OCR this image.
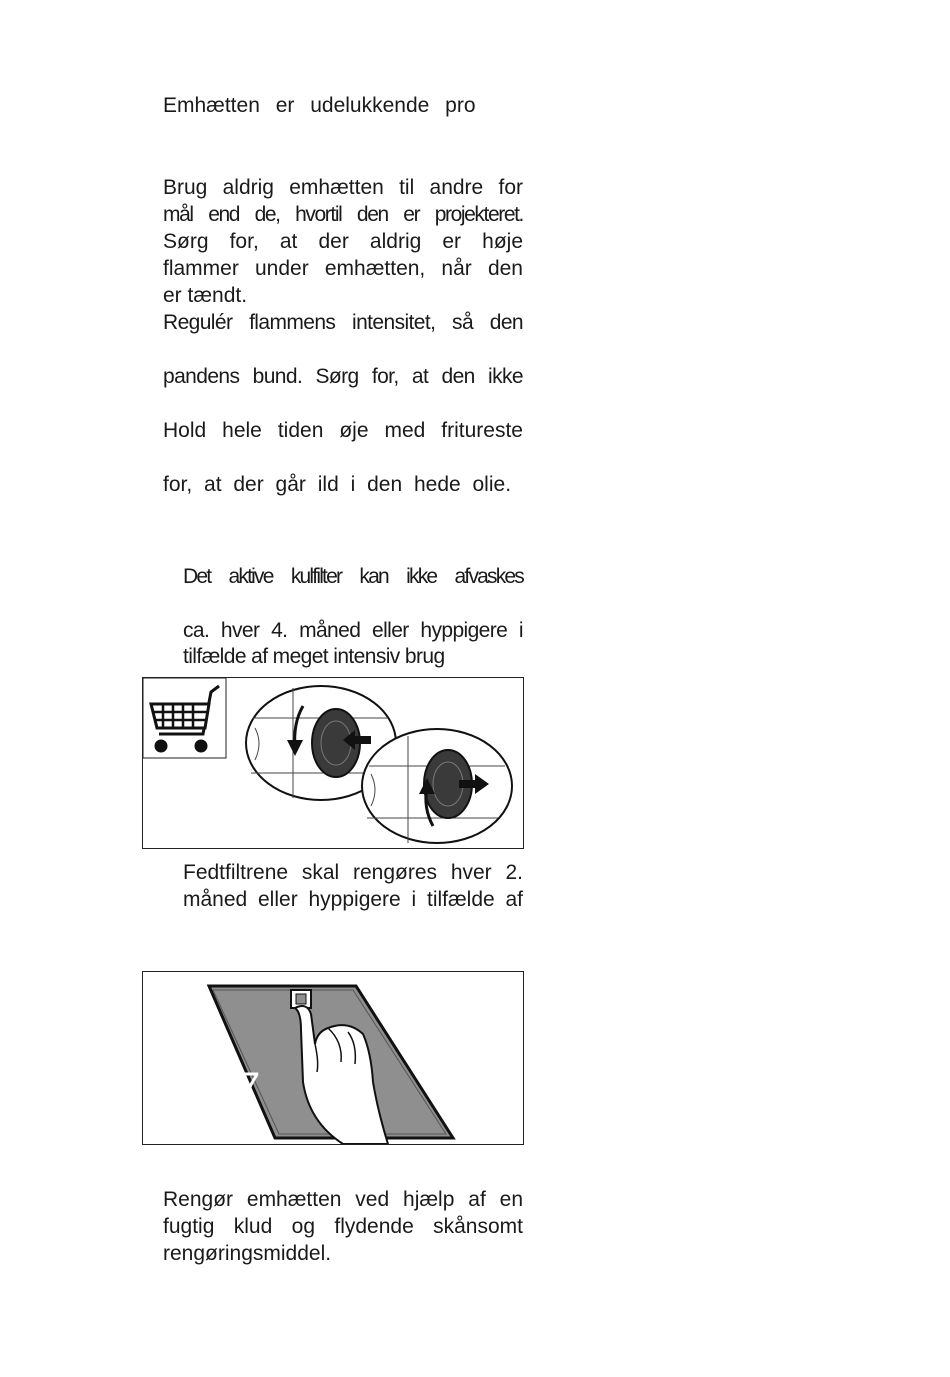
Emhætten er udelukkende pro
Brug aldrig emhætten til andre for
mål end de, hvortil den er projekteret.
Sørg for, at der aldrig er høje
flammer under emhætten, når den
er tændt.
Regulér flammens intensitet, så den
pandens bund. Sørg for, at den ikke
Hold hele tiden øje med fritureste
for, at der går ild i den hede olie.
Det aktive kulfilter kan ikke afvaskes
ca. hver 4. måned eller hyppigere i
tilfælde af meget intensiv brug
Fedtfiltrene skal rengøres hver 2.
måned eller hyppigere i tilfælde af
7
Rengør emhætten ved hjælp af en
fugtig klud og flydende skånsomt
rengøringsmiddel.
